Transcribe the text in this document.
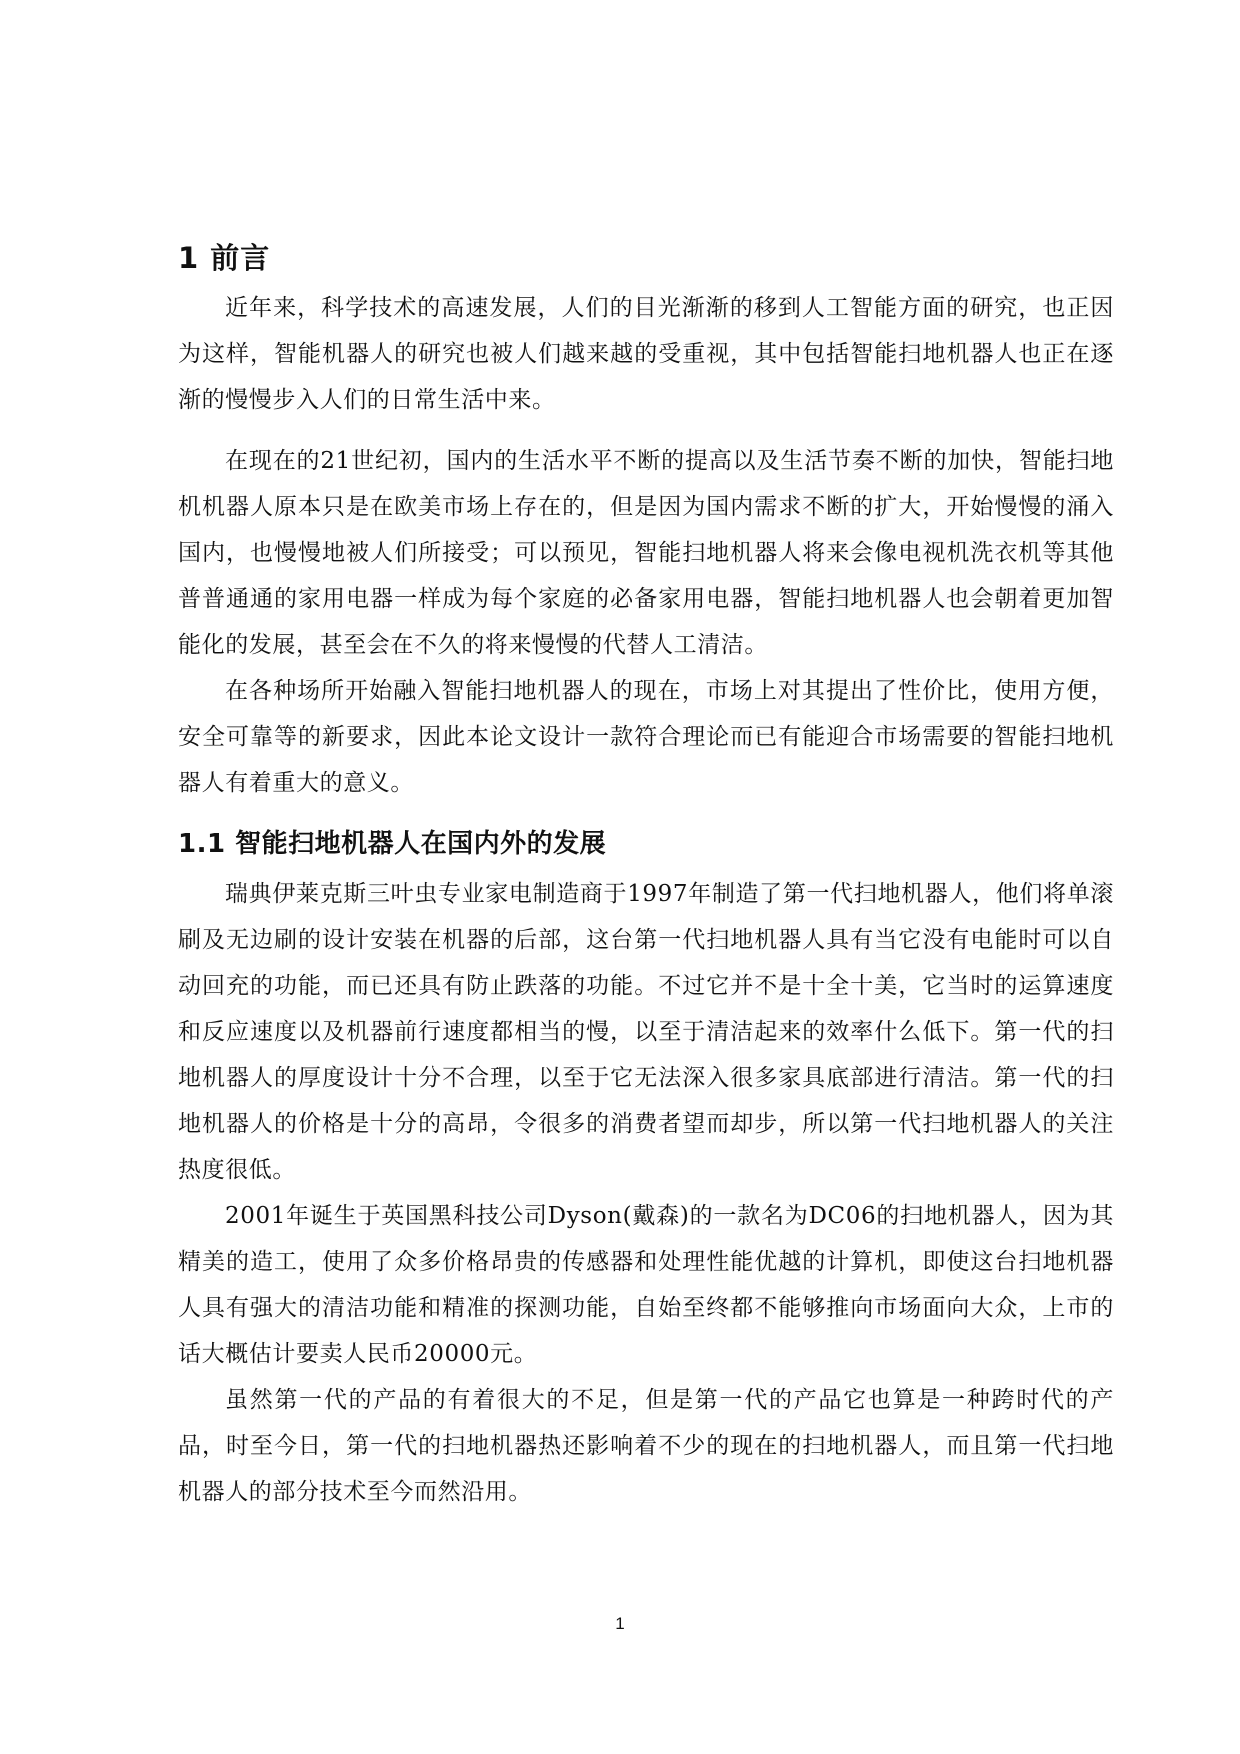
1 前言

近年来，科学技术的高速发展，人们的目光渐渐的移到人工智能方面的研究，也正因为这样，智能机器人的研究也被人们越来越的受重视，其中包括智能扫地机器人也正在逐渐的慢慢步入人们的日常生活中来。

在现在的21世纪初，国内的生活水平不断的提高以及生活节奏不断的加快，智能扫地机机器人原本只是在欧美市场上存在的，但是因为国内需求不断的扩大，开始慢慢的涌入国内，也慢慢地被人们所接受；可以预见，智能扫地机器人将来会像电视机洗衣机等其他普普通通的家用电器一样成为每个家庭的必备家用电器，智能扫地机器人也会朝着更加智能化的发展，甚至会在不久的将来慢慢的代替人工清洁。

在各种场所开始融入智能扫地机器人的现在，市场上对其提出了性价比，使用方便，安全可靠等的新要求，因此本论文设计一款符合理论而已有能迎合市场需要的智能扫地机器人有着重大的意义。

1.1 智能扫地机器人在国内外的发展

瑞典伊莱克斯三叶虫专业家电制造商于1997年制造了第一代扫地机器人，他们将单滚刷及无边刷的设计安装在机器的后部，这台第一代扫地机器人具有当它没有电能时可以自动回充的功能，而已还具有防止跌落的功能。不过它并不是十全十美，它当时的运算速度和反应速度以及机器前行速度都相当的慢，以至于清洁起来的效率什么低下。第一代的扫地机器人的厚度设计十分不合理，以至于它无法深入很多家具底部进行清洁。第一代的扫地机器人的价格是十分的高昂，令很多的消费者望而却步，所以第一代扫地机器人的关注热度很低。

2001年诞生于英国黑科技公司Dyson(戴森)的一款名为DC06的扫地机器人，因为其精美的造工，使用了众多价格昂贵的传感器和处理性能优越的计算机，即使这台扫地机器人具有强大的清洁功能和精准的探测功能，自始至终都不能够推向市场面向大众，上市的话大概估计要卖人民币20000元。

虽然第一代的产品的有着很大的不足，但是第一代的产品它也算是一种跨时代的产品，时至今日，第一代的扫地机器热还影响着不少的现在的扫地机器人，而且第一代扫地机器人的部分技术至今而然沿用。

1
